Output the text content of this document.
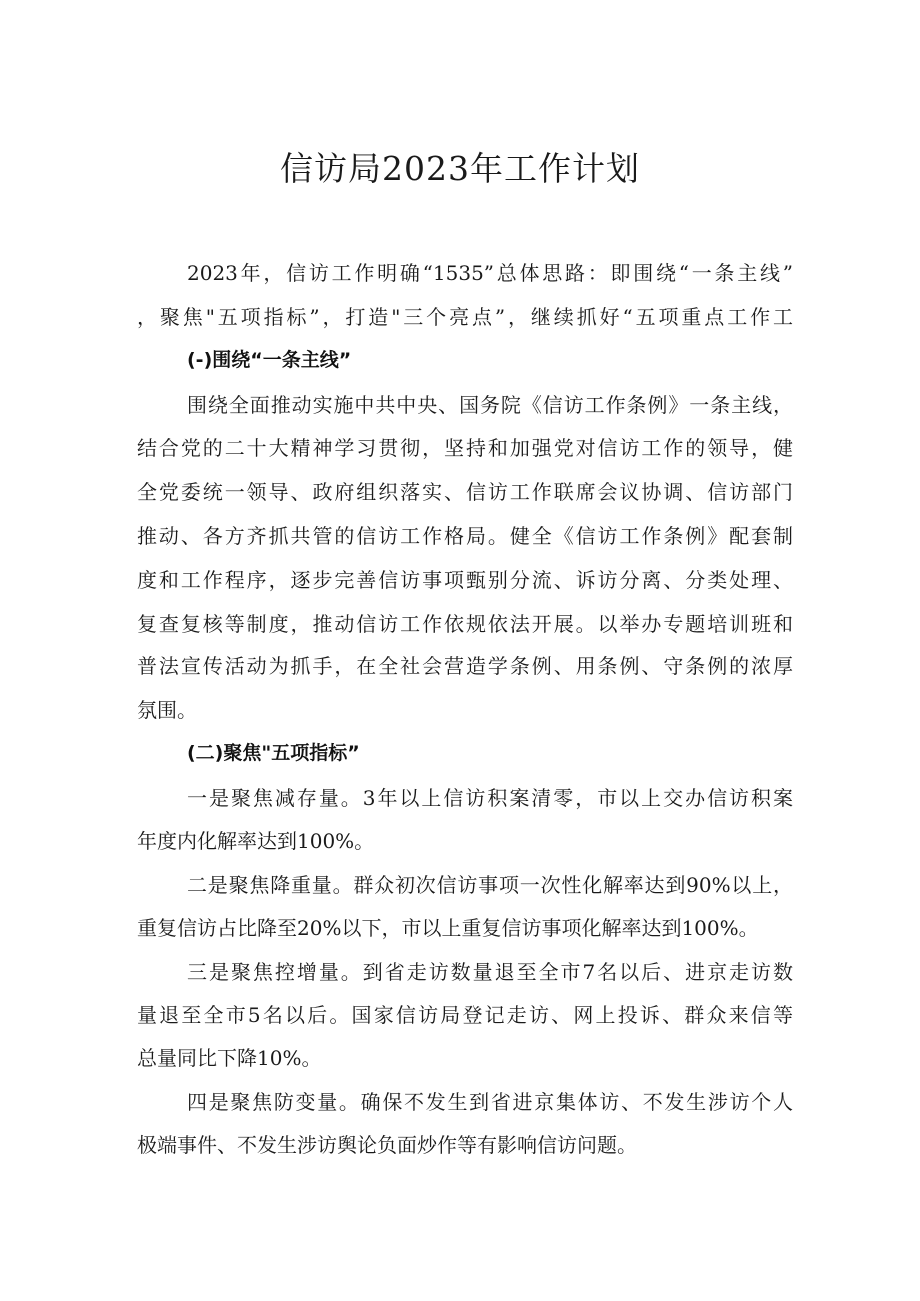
信访局2023年工作计划
2023年，信访工作明确“1535”总体思路：即围绕“一条主线”
，聚焦"五项指标”，打造"三个亮点”，继续抓好“五项重点工作工
(-)围绕“一条主线”
围绕全面推动实施中共中央、国务院《信访工作条例》一条主线，
结合党的二十大精神学习贯彻，坚持和加强党对信访工作的领导，健
全党委统一领导、政府组织落实、信访工作联席会议协调、信访部门
推动、各方齐抓共管的信访工作格局。健全《信访工作条例》配套制
度和工作程序，逐步完善信访事项甄别分流、诉访分离、分类处理、
复查复核等制度，推动信访工作依规依法开展。以举办专题培训班和
普法宣传活动为抓手，在全社会营造学条例、用条例、守条例的浓厚
氛围。
(二)聚焦"五项指标”
一是聚焦减存量。3年以上信访积案清零，市以上交办信访积案
年度内化解率达到100%。
二是聚焦降重量。群众初次信访事项一次性化解率达到90%以上，
重复信访占比降至20%以下，市以上重复信访事项化解率达到100%。
三是聚焦控增量。到省走访数量退至全市7名以后、进京走访数
量退至全市5名以后。国家信访局登记走访、网上投诉、群众来信等
总量同比下降10%。
四是聚焦防变量。确保不发生到省进京集体访、不发生涉访个人
极端事件、不发生涉访舆论负面炒作等有影响信访问题。
